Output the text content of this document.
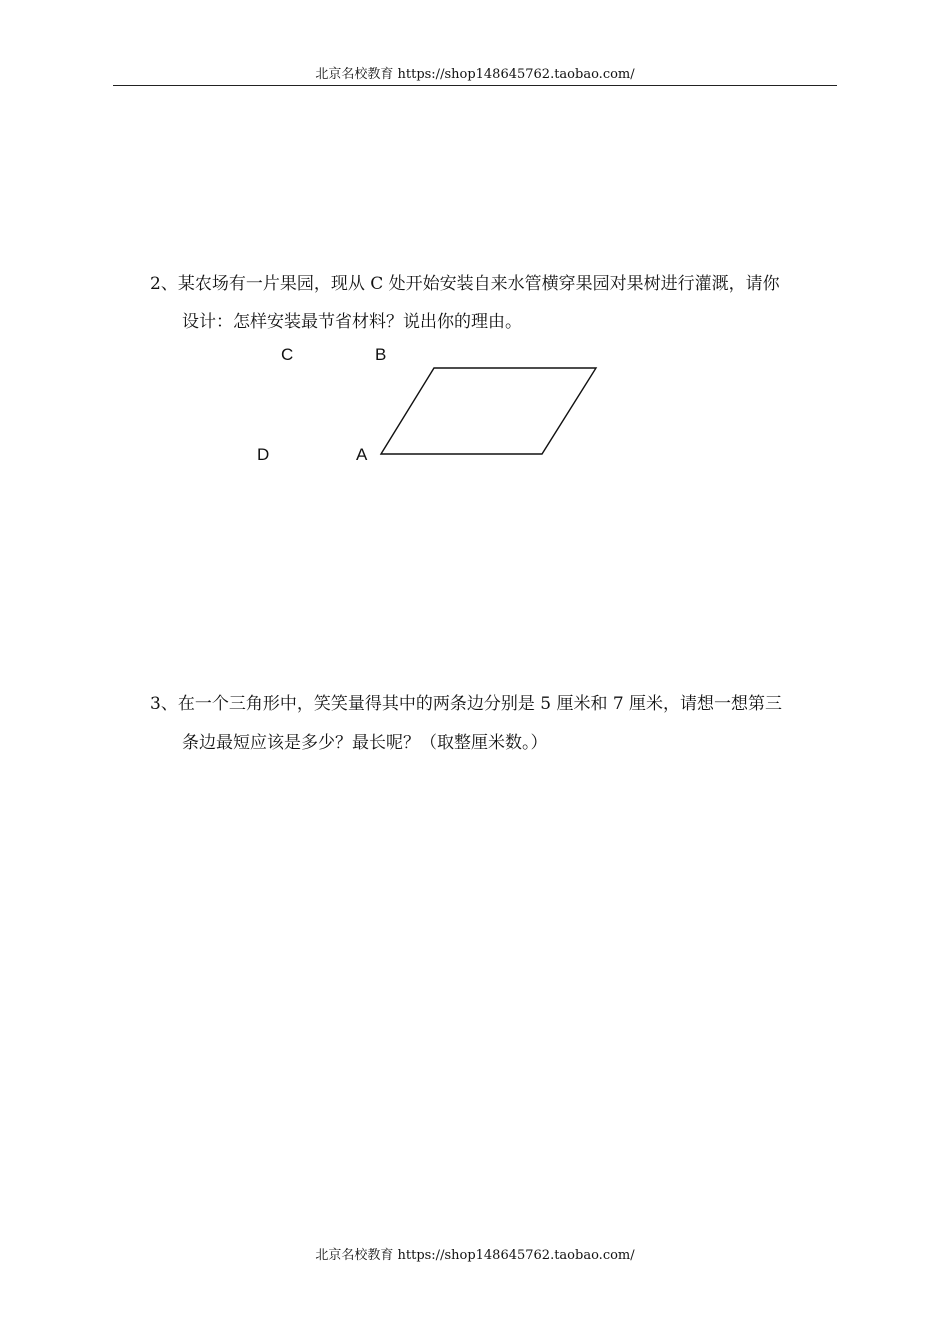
北京名校教育 https://shop148645762.taobao.com/
2、某农场有一片果园，现从 C 处开始安装自来水管横穿果园对果树进行灌溉，请你
设计：怎样安装最节省材料？说出你的理由。
C	B
D	A
3、在一个三角形中，笑笑量得其中的两条边分别是 5 厘米和 7 厘米，请想一想第三
条边最短应该是多少？最长呢？（取整厘米数。）
北京名校教育 https://shop148645762.taobao.com/
